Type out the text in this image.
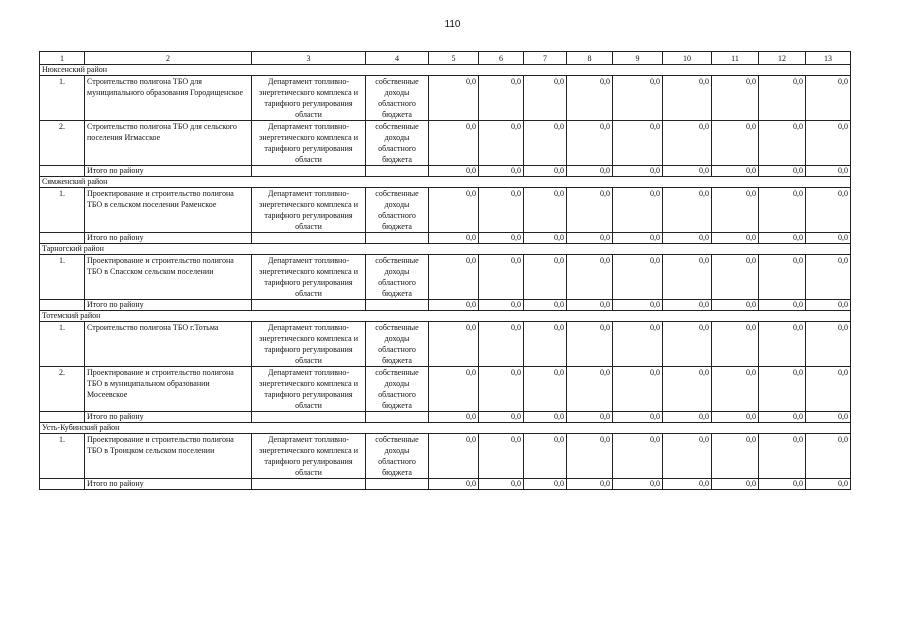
110
1	2	3	4	5	6	7	8	9	10	11	12	13
Нюксенский район												
1.	Строительство полигона ТБО для муниципального образования Городищенское	Департамент топливно-энергетического комплекса и тарифного регулирования области	собственные доходы областного бюджета	0,0	0,0	0,0	0,0	0,0	0,0	0,0	0,0	0,0
2.	Строительство полигона ТБО для сельского поселения Игмасское	Департамент топливно-энергетического комплекса и тарифного регулирования области	собственные доходы областного бюджета	0,0	0,0	0,0	0,0	0,0	0,0	0,0	0,0	0,0
	Итого по району			0,0	0,0	0,0	0,0	0,0	0,0	0,0	0,0	0,0
Сямженский район												
1.	Проектирование и строительство полигона ТБО в сельском поселении Раменское	Департамент топливно-энергетического комплекса и тарифного регулирования области	собственные доходы областного бюджета	0,0	0,0	0,0	0,0	0,0	0,0	0,0	0,0	0,0
	Итого по району			0,0	0,0	0,0	0,0	0,0	0,0	0,0	0,0	0,0
Тарногский район												
1.	Проектирование и строительство полигона ТБО в Спасском сельском поселении	Департамент топливно-энергетического комплекса и тарифного регулирования области	собственные доходы областного бюджета	0,0	0,0	0,0	0,0	0,0	0,0	0,0	0,0	0,0
	Итого по району			0,0	0,0	0,0	0,0	0,0	0,0	0,0	0,0	0,0
Тотемский район												
1.	Строительство полигона ТБО г.Тотьма	Департамент топливно-энергетического комплекса и тарифного регулирования области	собственные доходы областного бюджета	0,0	0,0	0,0	0,0	0,0	0,0	0,0	0,0	0,0
2.	Проектирование и строительство полигона ТБО в муниципальном образовании Мосеевское	Департамент топливно-энергетического комплекса и тарифного регулирования области	собственные доходы областного бюджета	0,0	0,0	0,0	0,0	0,0	0,0	0,0	0,0	0,0
	Итого по району			0,0	0,0	0,0	0,0	0,0	0,0	0,0	0,0	0,0
Усть-Кубинский район												
1.	Проектирование и строительство полигона ТБО в Троицком сельском поселении	Департамент топливно-энергетического комплекса и тарифного регулирования области	собственные доходы областного бюджета	0,0	0,0	0,0	0,0	0,0	0,0	0,0	0,0	0,0
	Итого по району			0,0	0,0	0,0	0,0	0,0	0,0	0,0	0,0	0,0
